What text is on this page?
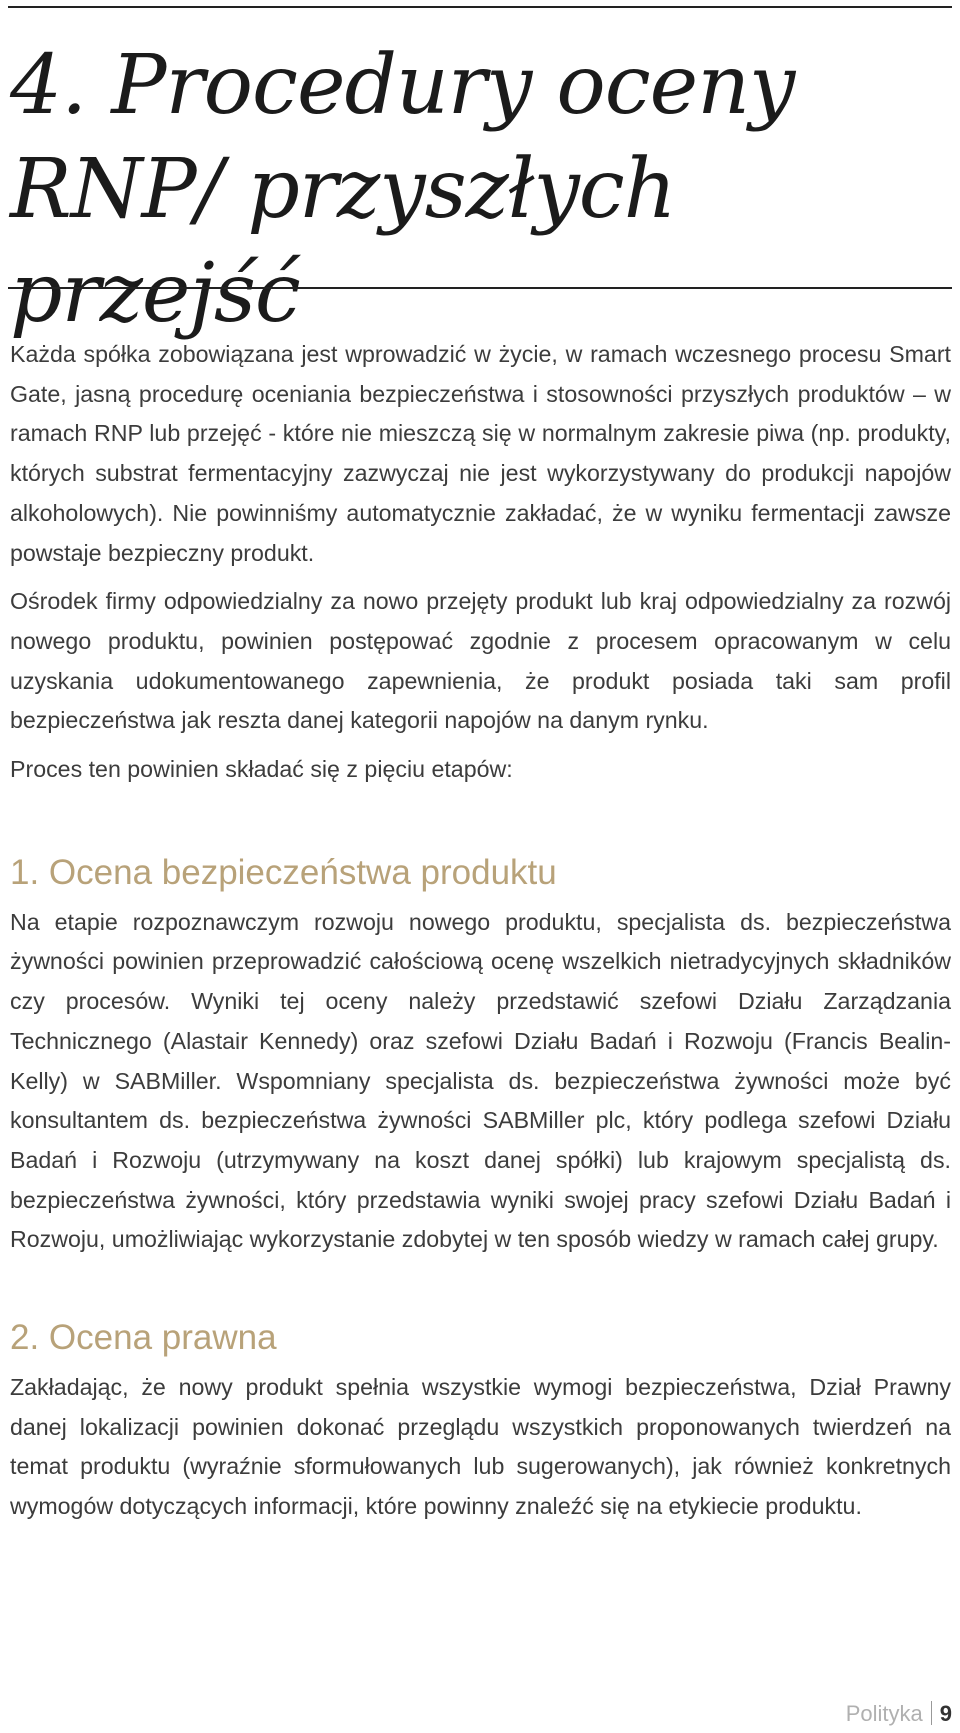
4. Procedury oceny RNP/ przyszłych przejść

Każda spółka zobowiązana jest wprowadzić w życie, w ramach wczesnego procesu Smart Gate, jasną procedurę oceniania bezpieczeństwa i stosowności przyszłych produktów – w ramach RNP lub przejęć - które nie mieszczą się w normalnym zakresie piwa (np. produkty, których substrat fermentacyjny zazwyczaj nie jest wykorzystywany do produkcji napojów alkoholowych). Nie powinniśmy automatycznie zakładać, że w wyniku fermentacji zawsze powstaje bezpieczny produkt.

Ośrodek firmy odpowiedzialny za nowo przejęty produkt lub kraj odpowiedzialny za rozwój nowego produktu, powinien postępować zgodnie z procesem opracowanym w celu uzyskania udokumentowanego zapewnienia, że produkt posiada taki sam profil bezpieczeństwa jak reszta danej kategorii napojów na danym rynku.

Proces ten powinien składać się z pięciu etapów:

1. Ocena bezpieczeństwa produktu

Na etapie rozpoznawczym rozwoju nowego produktu, specjalista ds. bezpieczeństwa żywności powinien przeprowadzić całościową ocenę wszelkich nietradycyjnych składników czy procesów. Wyniki tej oceny należy przedstawić szefowi Działu Zarządzania Technicznego (Alastair Kennedy) oraz szefowi Działu Badań i Rozwoju (Francis Bealin-Kelly) w SABMiller. Wspomniany specjalista ds. bezpieczeństwa żywności może być konsultantem ds. bezpieczeństwa żywności SABMiller plc, który podlega szefowi Działu Badań i Rozwoju (utrzymywany na koszt danej spółki) lub krajowym specjalistą ds. bezpieczeństwa żywności, który przedstawia wyniki swojej pracy szefowi Działu Badań i Rozwoju, umożliwiając wykorzystanie zdobytej w ten sposób wiedzy w ramach całej grupy.

2. Ocena prawna

Zakładając, że nowy produkt spełnia wszystkie wymogi bezpieczeństwa, Dział Prawny danej lokalizacji powinien dokonać przeglądu wszystkich proponowanych twierdzeń na temat produktu (wyraźnie sformułowanych lub sugerowanych), jak również konkretnych wymogów dotyczących informacji, które powinny znaleźć się na etykiecie produktu.

Polityka 9
